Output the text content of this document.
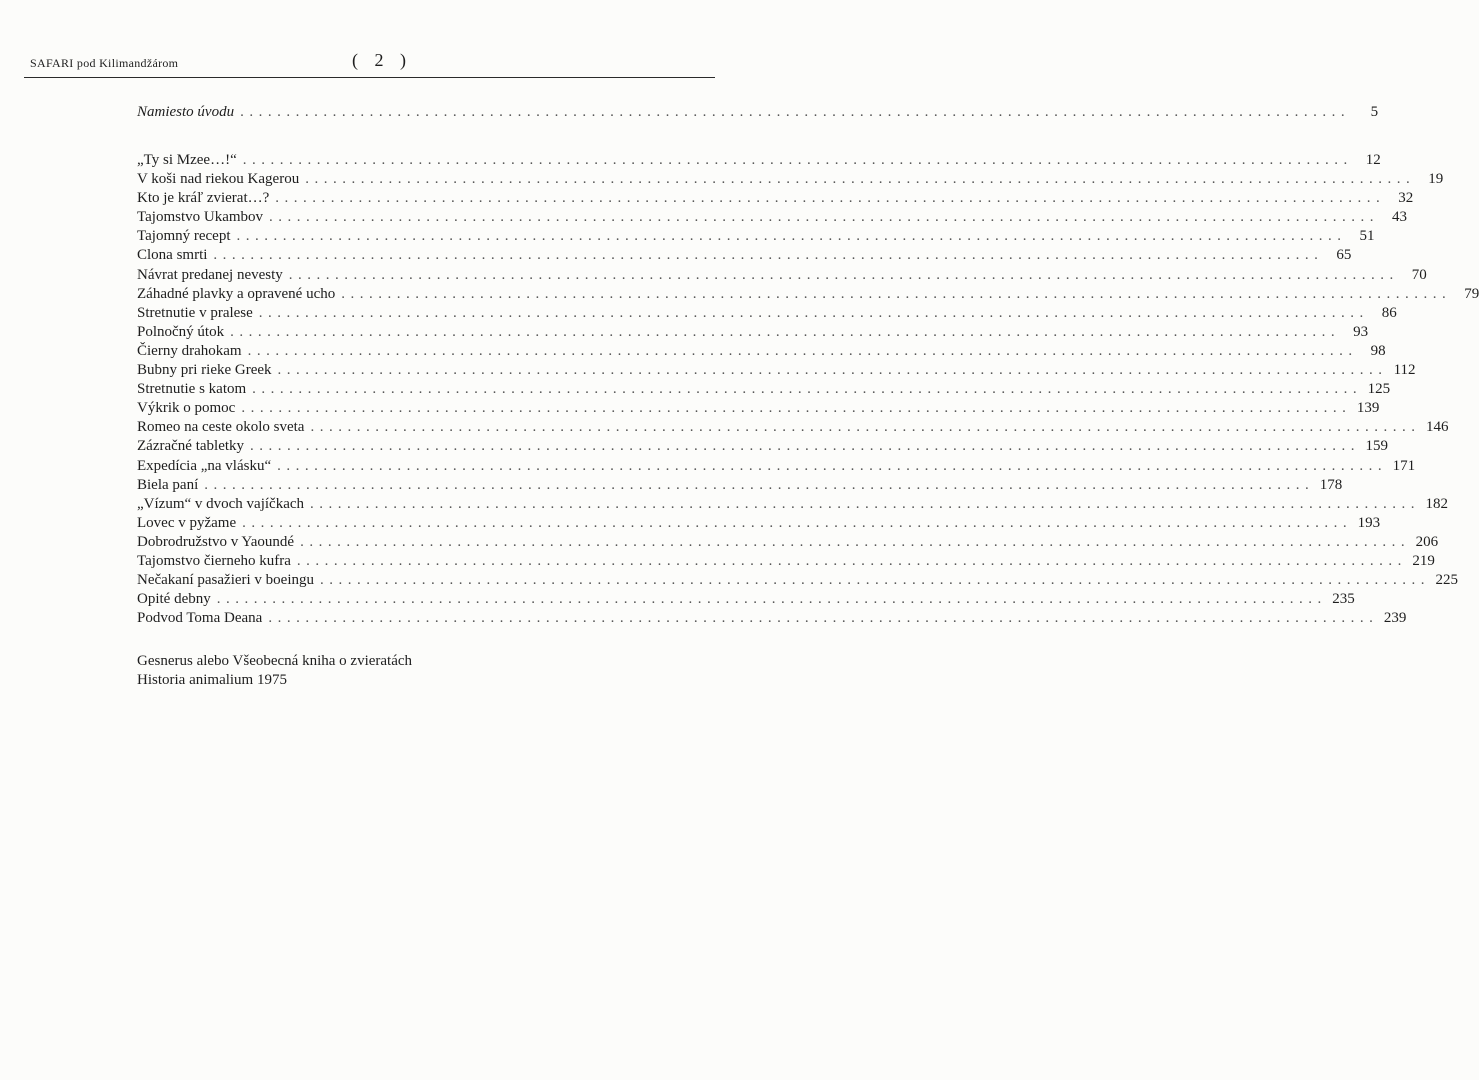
SAFARI pod Kilimandžárom	( 2 )
Namiesto úvodu ........................................................................................................................	5
„Ty si Mzee…!“ ........................................................................................................................ 12
V koši nad riekou Kagerou ........................................................................................................................ 19
Kto je kráľ zvierat…? ........................................................................................................................ 32
Tajomstvo Ukambov ........................................................................................................................ 43
Tajomný recept ........................................................................................................................ 51
Clona smrti ........................................................................................................................ 65
Návrat predanej nevesty ........................................................................................................................ 70
Záhadné plavky a opravené ucho ........................................................................................................................ 79
Stretnutie v pralese ........................................................................................................................ 86
Polnočný útok ........................................................................................................................ 93
Čierny drahokam ........................................................................................................................ 98
Bubny pri rieke Greek ........................................................................................................................ 112
Stretnutie s katom ........................................................................................................................ 125
Výkrik o pomoc ........................................................................................................................ 139
Romeo na ceste okolo sveta ........................................................................................................................ 146
Zázračné tabletky ........................................................................................................................ 159
Expedícia „na vlásku“ ........................................................................................................................ 171
Biela paní ........................................................................................................................ 178
„Vízum“ v dvoch vajíčkach ........................................................................................................................ 182
Lovec v pyžame ........................................................................................................................ 193
Dobrodružstvo v Yaoundé ........................................................................................................................ 206
Tajomstvo čierneho kufra ........................................................................................................................ 219
Nečakaní pasažieri v boeingu ........................................................................................................................ 225
Opité debny ........................................................................................................................ 235
Podvod Toma Deana ........................................................................................................................ 239
Gesnerus alebo Všeobecná kniha o zvieratách
Historia animalium 1975
